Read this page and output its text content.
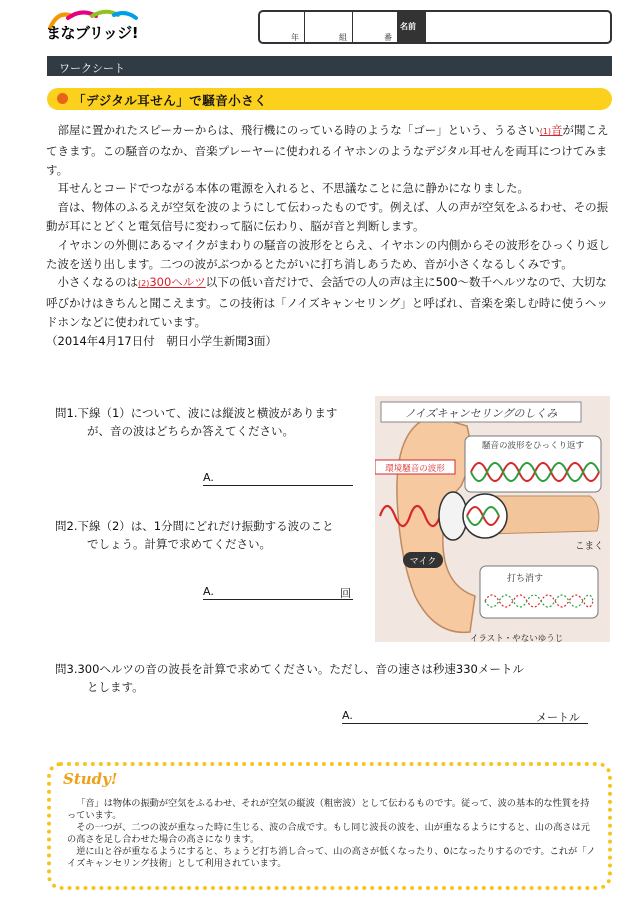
まなブリッジ!	年	組	番
名前
ワークシート
「デジタル耳せん」で騒音小さく

部屋に置かれたスピーカーからは、飛行機にのっている時のような「ゴー」という、うるさい(1)音が聞こえてきます。この騒音のなか、音楽プレーヤーに使われるイヤホンのようなデジタル耳せんを両耳につけてみます。

耳せんとコードでつながる本体の電源を入れると、不思議なことに急に静かになりました。

音は、物体のふるえが空気を波のようにして伝わったものです。例えば、人の声が空気をふるわせ、その振動が耳にとどくと電気信号に変わって脳に伝わり、脳が音と判断します。

イヤホンの外側にあるマイクがまわりの騒音の波形をとらえ、イヤホンの内側からその波形をひっくり返した波を送り出します。二つの波がぶつかるとたがいに打ち消しあうため、音が小さくなるしくみです。

小さくなるのは(2)300ヘルツ以下の低い音だけで、会話での人の声は主に500～数千ヘルツなので、大切な呼びかけはきちんと聞こえます。この技術は「ノイズキャンセリング」と呼ばれ、音楽を楽しむ時に使うヘッドホンなどに使われています。

（2014年4月17日付　朝日小学生新聞3面）

問1.下線（1）について、波には縦波と横波があります
が、音の波はどちらか答えてください。
A.
問2.下線（2）は、1分間にどれだけ振動する波のこと
でしょう。計算で求めてください。
A.	回
ノイズキャンセリングのしくみ
騒音の波形をひっくり返す
環境騒音の波形
マイク
こまく
打ち消す
イラスト・やないゆうじ
問3.300ヘルツの音の波長を計算で求めてください。ただし、音の速さは秒速330メートル
とします。
A.	メートル
Study!

「音」は物体の振動が空気をふるわせ、それが空気の縦波（粗密波）として伝わるものです。従って、波の基本的な性質を持っています。

その一つが、二つの波が重なった時に生じる、波の合成です。もし同じ波長の波を、山が重なるようにすると、山の高さは元の高さを足し合わせた場合の高さになります。

逆に山と谷が重なるようにすると、ちょうど打ち消し合って、山の高さが低くなったり、0になったりするのです。これが「ノイズキャンセリング技術」として利用されています。
